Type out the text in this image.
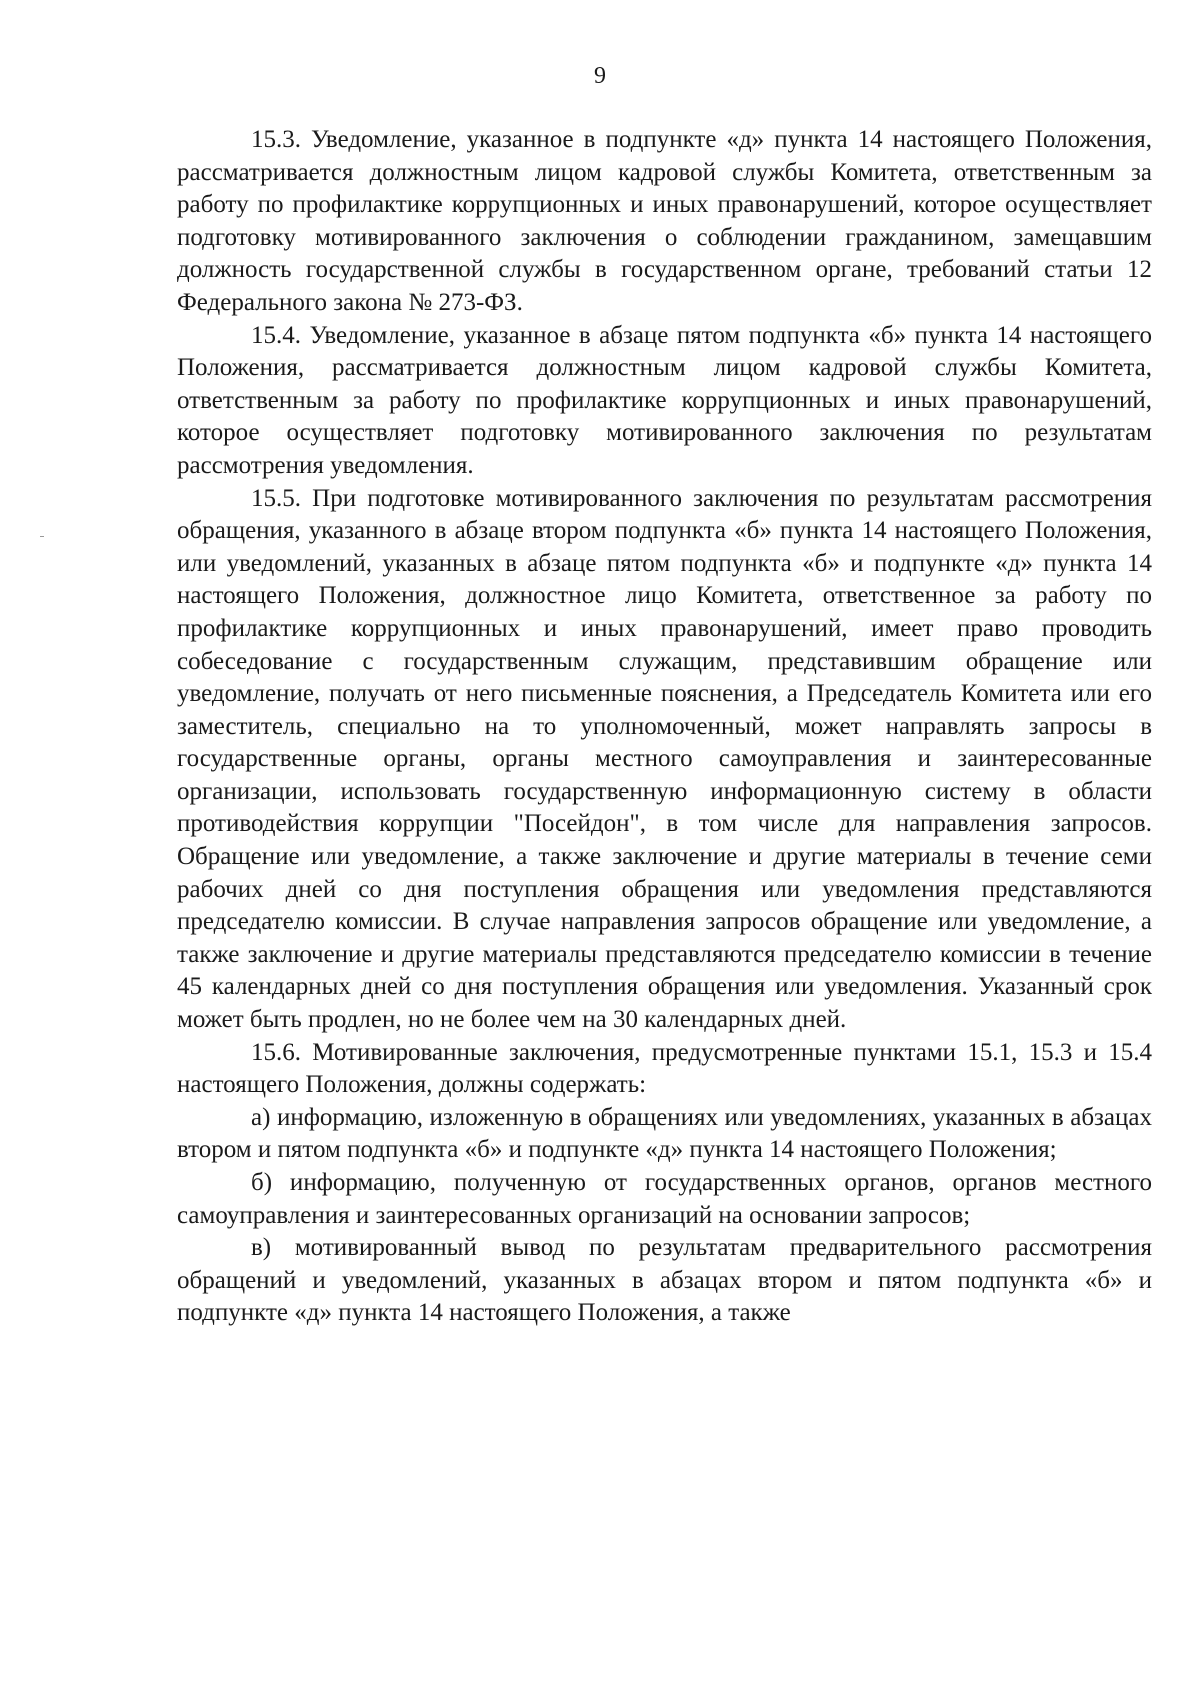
9

15.3. Уведомление, указанное в подпункте «д» пункта 14 настоящего Положения, рассматривается должностным лицом кадровой службы Комитета, ответственным за работу по профилактике коррупционных и иных правонарушений, которое осуществляет подготовку мотивированного заключения о соблюдении гражданином, замещавшим должность государственной службы в государственном органе, требований статьи 12 Федерального закона № 273-ФЗ.

15.4. Уведомление, указанное в абзаце пятом подпункта «б» пункта 14 настоящего Положения, рассматривается должностным лицом кадровой службы Комитета, ответственным за работу по профилактике коррупционных и иных правонарушений, которое осуществляет подготовку мотивированного заключения по результатам рассмотрения уведомления.

15.5. При подготовке мотивированного заключения по результатам рассмотрения обращения, указанного в абзаце втором подпункта «б» пункта 14 настоящего Положения, или уведомлений, указанных в абзаце пятом подпункта «б» и подпункте «д» пункта 14 настоящего Положения, должностное лицо Комитета, ответственное за работу по профилактике коррупционных и иных правонарушений, имеет право проводить собеседование с государственным служащим, представившим обращение или уведомление, получать от него письменные пояснения, а Председатель Комитета или его заместитель, специально на то уполномоченный, может направлять запросы в государственные органы, органы местного самоуправления и заинтересованные организации, использовать государственную информационную систему в области противодействия коррупции "Посейдон", в том числе для направления запросов. Обращение или уведомление, а также заключение и другие материалы в течение семи рабочих дней со дня поступления обращения или уведомления представляются председателю комиссии. В случае направления запросов обращение или уведомление, а также заключение и другие материалы представляются председателю комиссии в течение 45 календарных дней со дня поступления обращения или уведомления. Указанный срок может быть продлен, но не более чем на 30 календарных дней.

15.6. Мотивированные заключения, предусмотренные пунктами 15.1, 15.3 и 15.4 настоящего Положения, должны содержать:

а) информацию, изложенную в обращениях или уведомлениях, указанных в абзацах втором и пятом подпункта «б» и подпункте «д» пункта 14 настоящего Положения;

б) информацию, полученную от государственных органов, органов местного самоуправления и заинтересованных организаций на основании запросов;

в) мотивированный вывод по результатам предварительного рассмотрения обращений и уведомлений, указанных в абзацах втором и пятом подпункта «б» и подпункте «д» пункта 14 настоящего Положения, а также
